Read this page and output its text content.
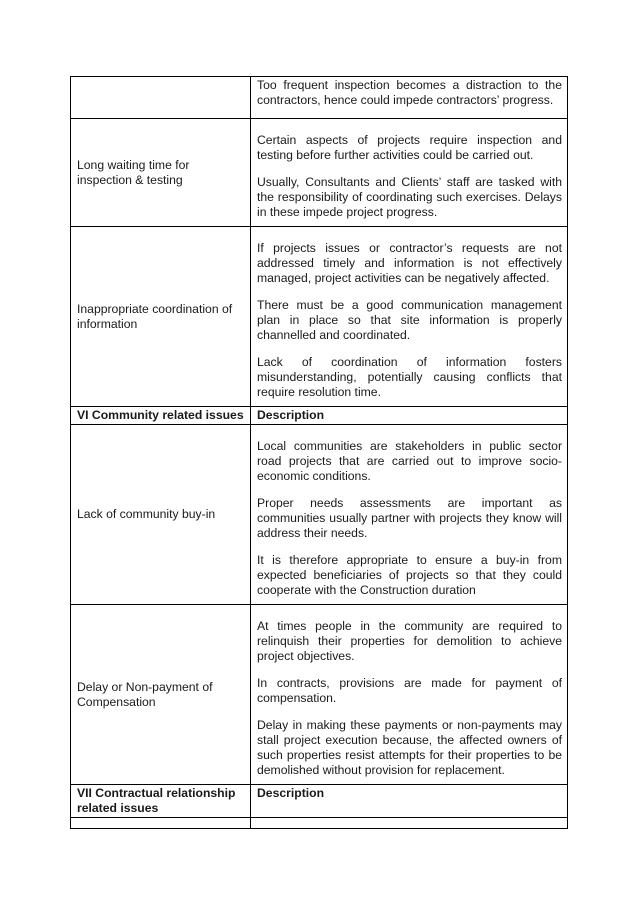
	Too frequent inspection becomes a distraction to the contractors, hence could impede contractors’ progress.

Long waiting time for inspection & testing	Certain aspects of projects require inspection and testing before further activities could be carried out.

Usually, Consultants and Clients’ staff are tasked with the responsibility of coordinating such exercises. Delays in these impede project progress.

Inappropriate coordination of information	If projects issues or contractor’s requests are not addressed timely and information is not effectively managed, project activities can be negatively affected.

There must be a good communication management plan in place so that site information is properly channelled and coordinated.

Lack of coordination of information fosters misunderstanding, potentially causing conflicts that require resolution time.

VI Community related issues	Description
Lack of community buy-in	Local communities are stakeholders in public sector road projects that are carried out to improve socio-economic conditions.

Proper needs assessments are important as communities usually partner with projects they know will address their needs.

It is therefore appropriate to ensure a buy-in from expected beneficiaries of projects so that they could cooperate with the Construction duration

Delay or Non-payment of Compensation	At times people in the community are required to relinquish their properties for demolition to achieve project objectives.

In contracts, provisions are made for payment of compensation.

Delay in making these payments or non-payments may stall project execution because, the affected owners of such properties resist attempts for their properties to be demolished without provision for replacement.

VII Contractual relationship related issues	Description
